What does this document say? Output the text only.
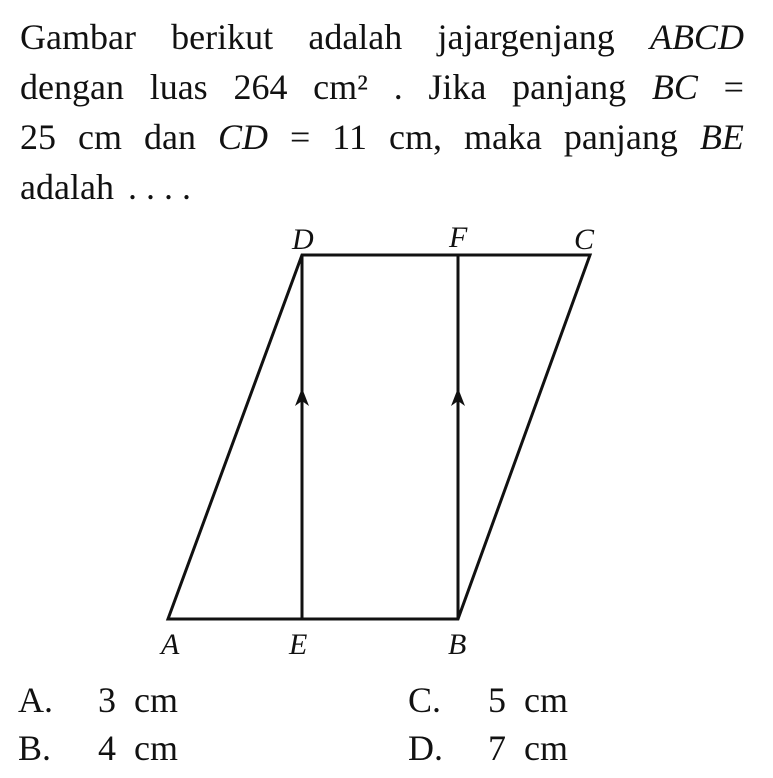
Gambar berikut adalah jajargenjang ABCD
dengan luas 264 cm² . Jika panjang BC =
25 cm dan CD = 11 cm, maka panjang BE
adalah . . . .
D	F	C
A	E	B
A. 3  cm
B. 4  cm
C. 5  cm
D. 7  cm
